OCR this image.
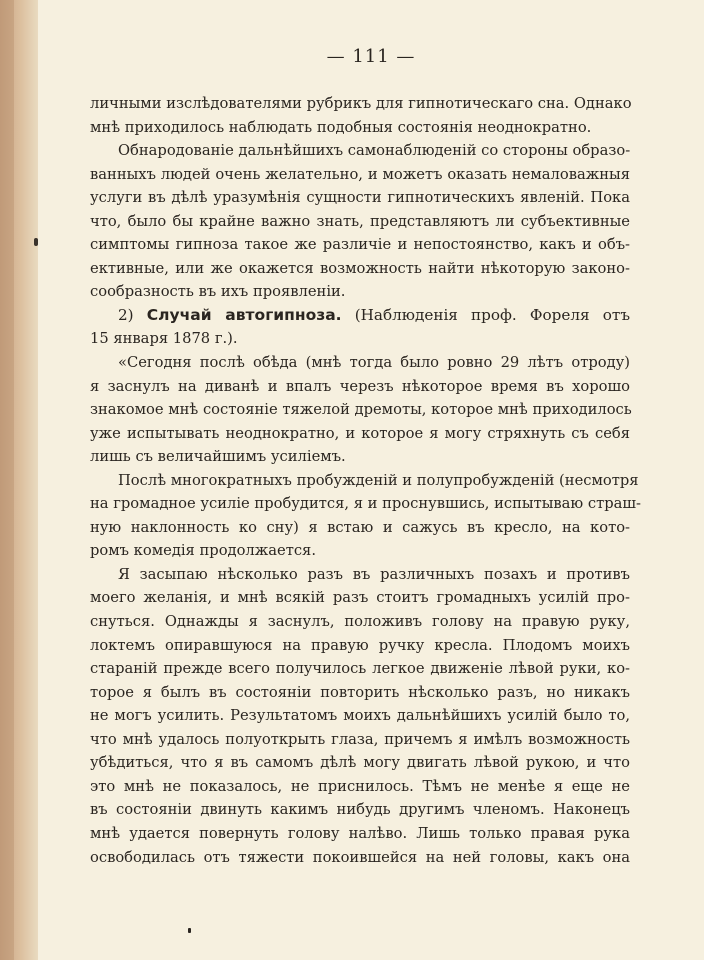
— 111 —
личными изслѣдователями рубрикъ для гипнотическаго сна. Однако
мнѣ приходилось наблюдать подобныя состоянія неоднократно.
Обнародованіе дальнѣйшихъ самонаблюденій со стороны образо-
ванныхъ людей очень желательно, и можетъ оказать немаловажныя
услуги въ дѣлѣ уразумѣнія сущности гипнотическихъ явленій. Пока
что, было бы крайне важно знать, представляютъ ли субъективные
симптомы гипноза такое же различіе и непостоянство, какъ и объ-
ективные, или же окажется возможность найти нѣкоторую законо-
сообразность въ ихъ проявленіи.
2) Случай автогипноза. (Наблюденія проф. Фореля отъ
15 января 1878 г.).
«Сегодня послѣ обѣда (мнѣ тогда было ровно 29 лѣтъ отроду)
я заснулъ на диванѣ и впалъ черезъ нѣкоторое время въ хорошо
знакомое мнѣ состояніе тяжелой дремоты, которое мнѣ приходилось
уже испытывать неоднократно, и которое я могу стряхнуть съ себя
лишь съ величайшимъ усиліемъ.
Послѣ многократныхъ пробужденій и полупробужденій (несмотря
на громадное усиліе пробудится, я и проснувшись, испытываю страш-
ную наклонность ко сну) я встаю и сажусь въ кресло, на кото-
ромъ комедія продолжается.
Я засыпаю нѣсколько разъ въ различныхъ позахъ и противъ
моего желанія, и мнѣ всякій разъ стоитъ громадныхъ усилій про-
снуться. Однажды я заснулъ, положивъ голову на правую руку,
локтемъ опиравшуюся на правую ручку кресла. Плодомъ моихъ
стараній прежде всего получилось легкое движеніе лѣвой руки, ко-
торое я былъ въ состояніи повторить нѣсколько разъ, но никакъ
не могъ усилить. Результатомъ моихъ дальнѣйшихъ усилій было то,
что мнѣ удалось полуоткрыть глаза, причемъ я имѣлъ возможность
убѣдиться, что я въ самомъ дѣлѣ могу двигать лѣвой рукою, и что
это мнѣ не показалось, не приснилось. Тѣмъ не менѣе я еще не
въ состояніи двинуть какимъ нибудь другимъ членомъ. Наконецъ
мнѣ удается повернуть голову налѣво. Лишь только правая рука
освободилась отъ тяжести покоившейся на ней головы, какъ она
